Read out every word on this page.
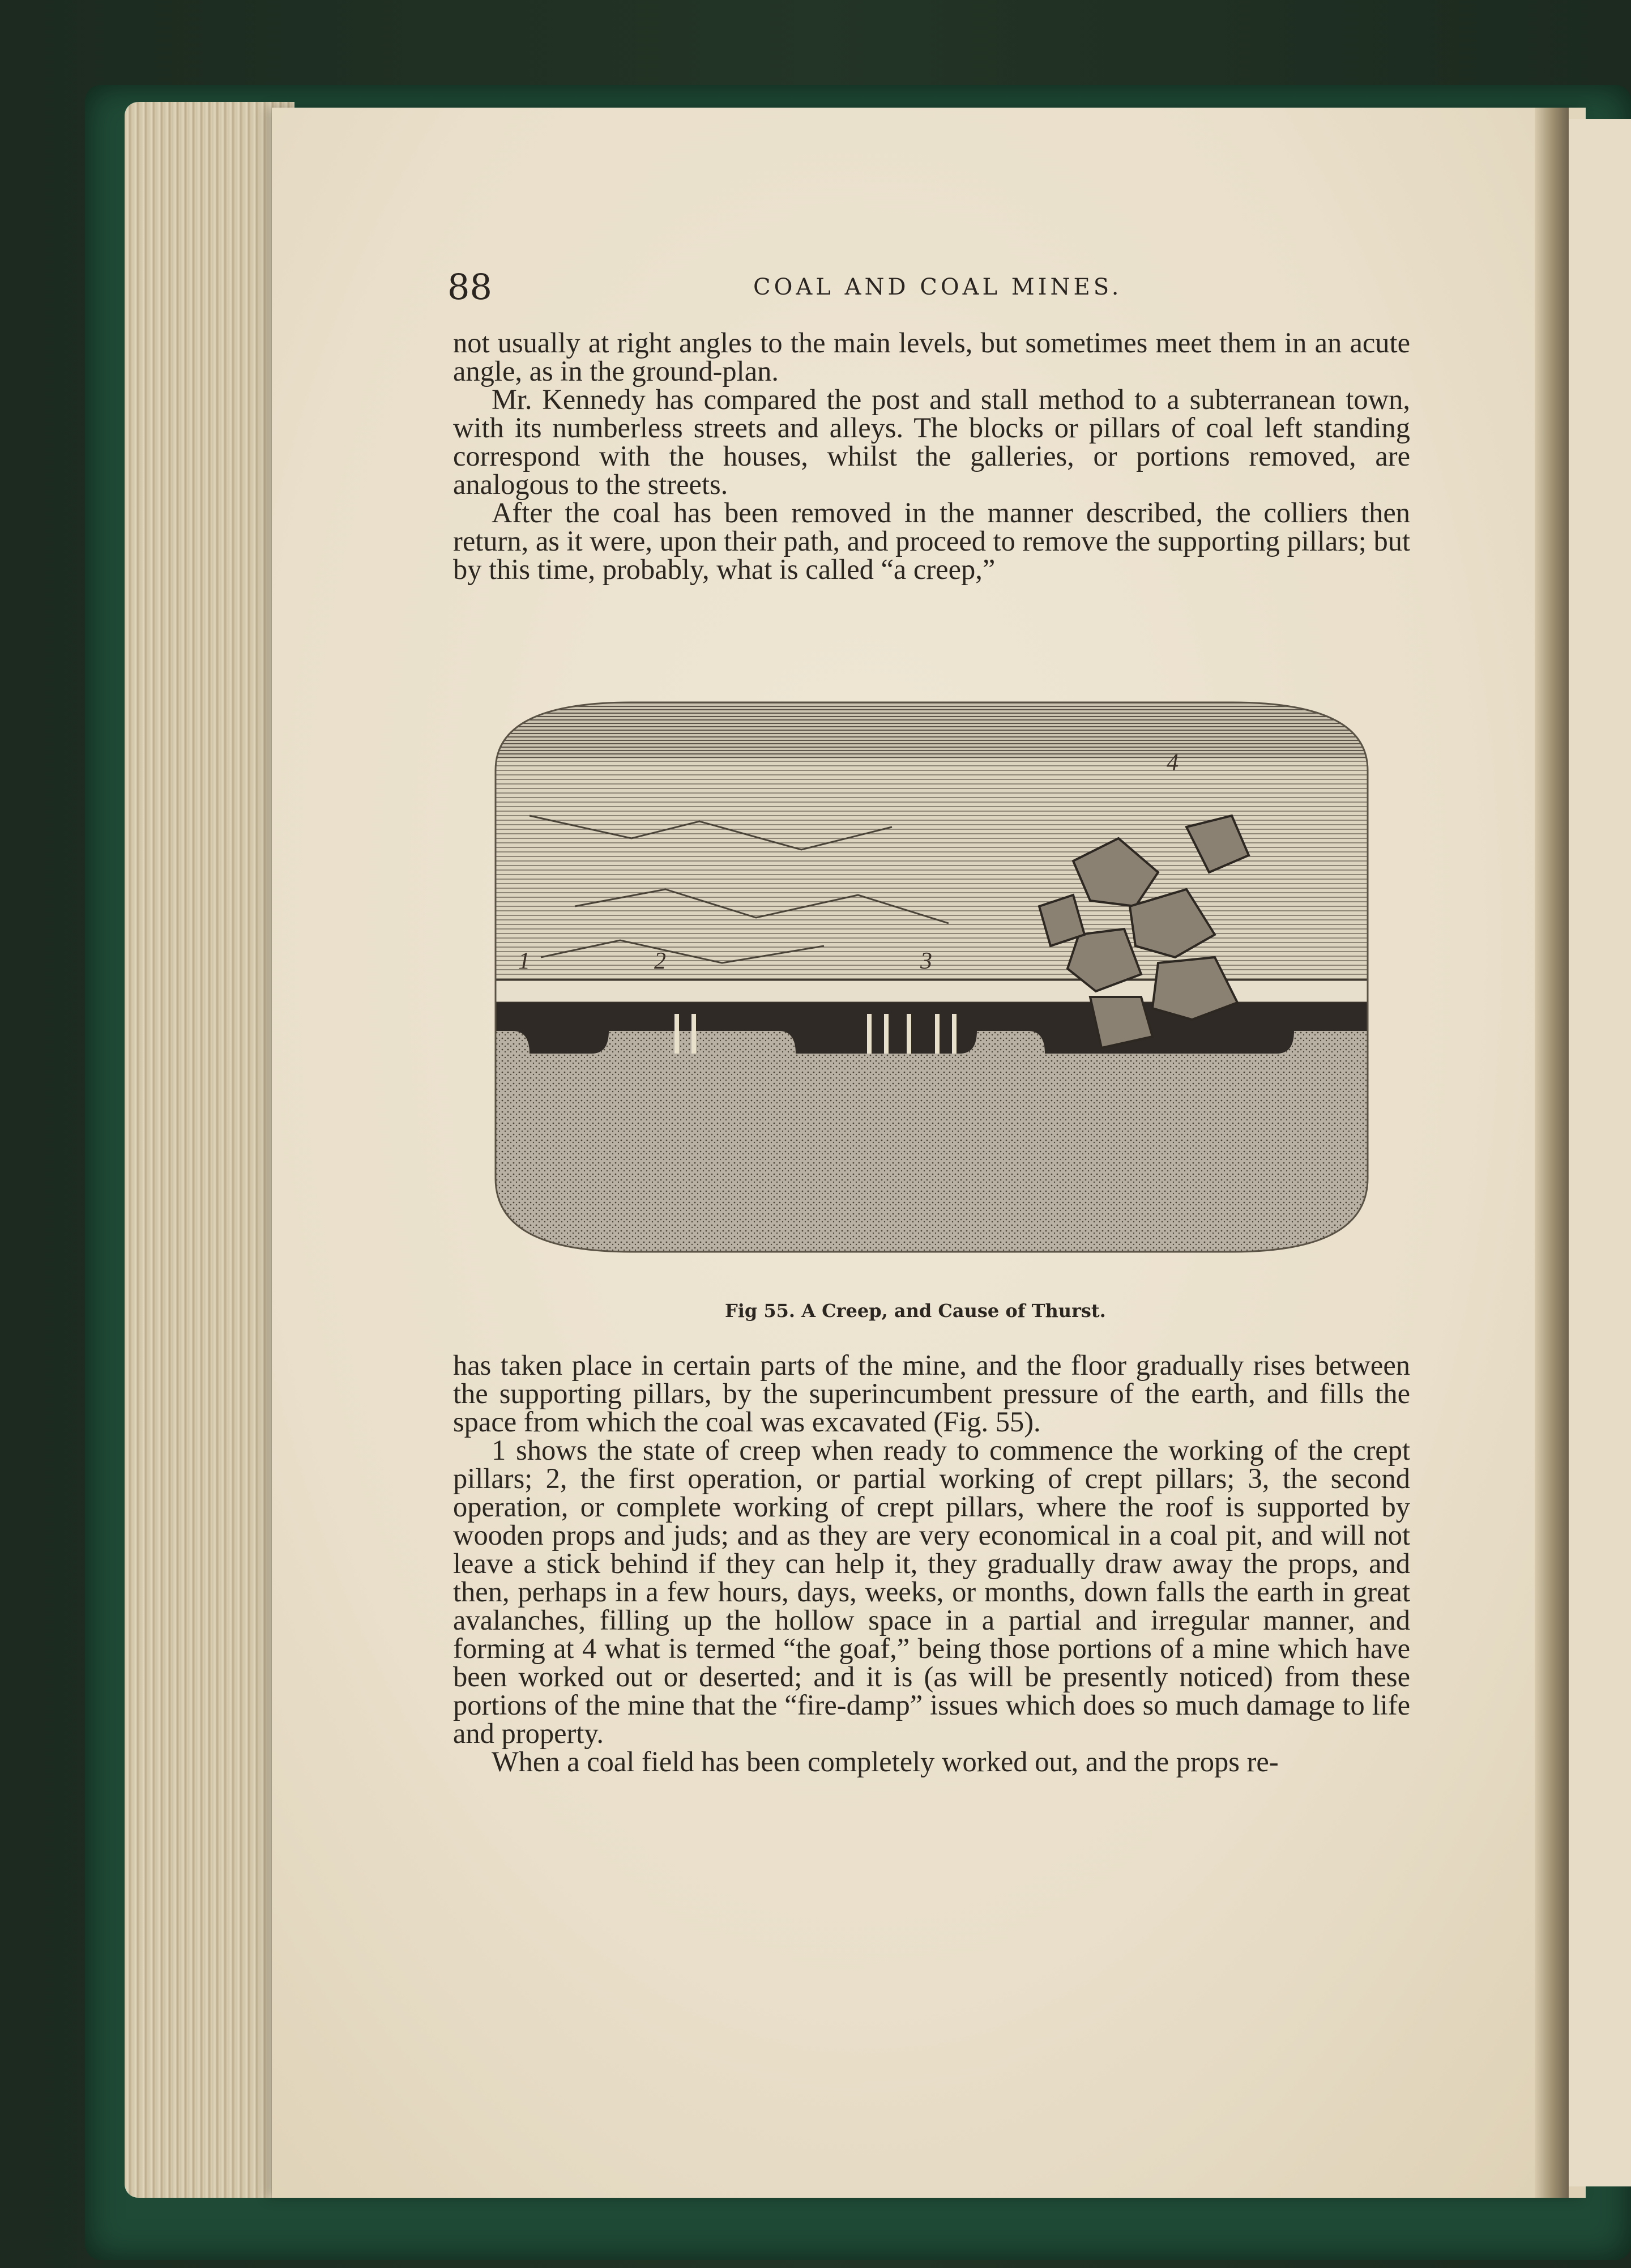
88	COAL AND COAL MINES.

not usually at right angles to the main levels, but sometimes meet them in an acute angle, as in the ground-plan.

Mr. Kennedy has compared the post and stall method to a subterranean town, with its numberless streets and alleys. The blocks or pillars of coal left standing correspond with the houses, whilst the galleries, or portions removed, are analogous to the streets.

After the coal has been removed in the manner described, the colliers then return, as it were, upon their path, and proceed to remove the supporting pillars; but by this time, probably, what is called “a creep,”

1	2	3
4
Fig 55. A Creep, and Cause of Thurst.

has taken place in certain parts of the mine, and the floor gradually rises between the supporting pillars, by the superincumbent pressure of the earth, and fills the space from which the coal was excavated (Fig. 55).

1 shows the state of creep when ready to commence the working of the crept pillars; 2, the first operation, or partial working of crept pillars; 3, the second operation, or complete working of crept pillars, where the roof is supported by wooden props and juds; and as they are very economical in a coal pit, and will not leave a stick behind if they can help it, they gradually draw away the props, and then, perhaps in a few hours, days, weeks, or months, down falls the earth in great avalanches, filling up the hollow space in a partial and irregular manner, and forming at 4 what is termed “the goaf,” being those portions of a mine which have been worked out or deserted; and it is (as will be presently noticed) from these portions of the mine that the “fire-damp” issues which does so much damage to life and property.

When a coal field has been completely worked out, and the props re-
